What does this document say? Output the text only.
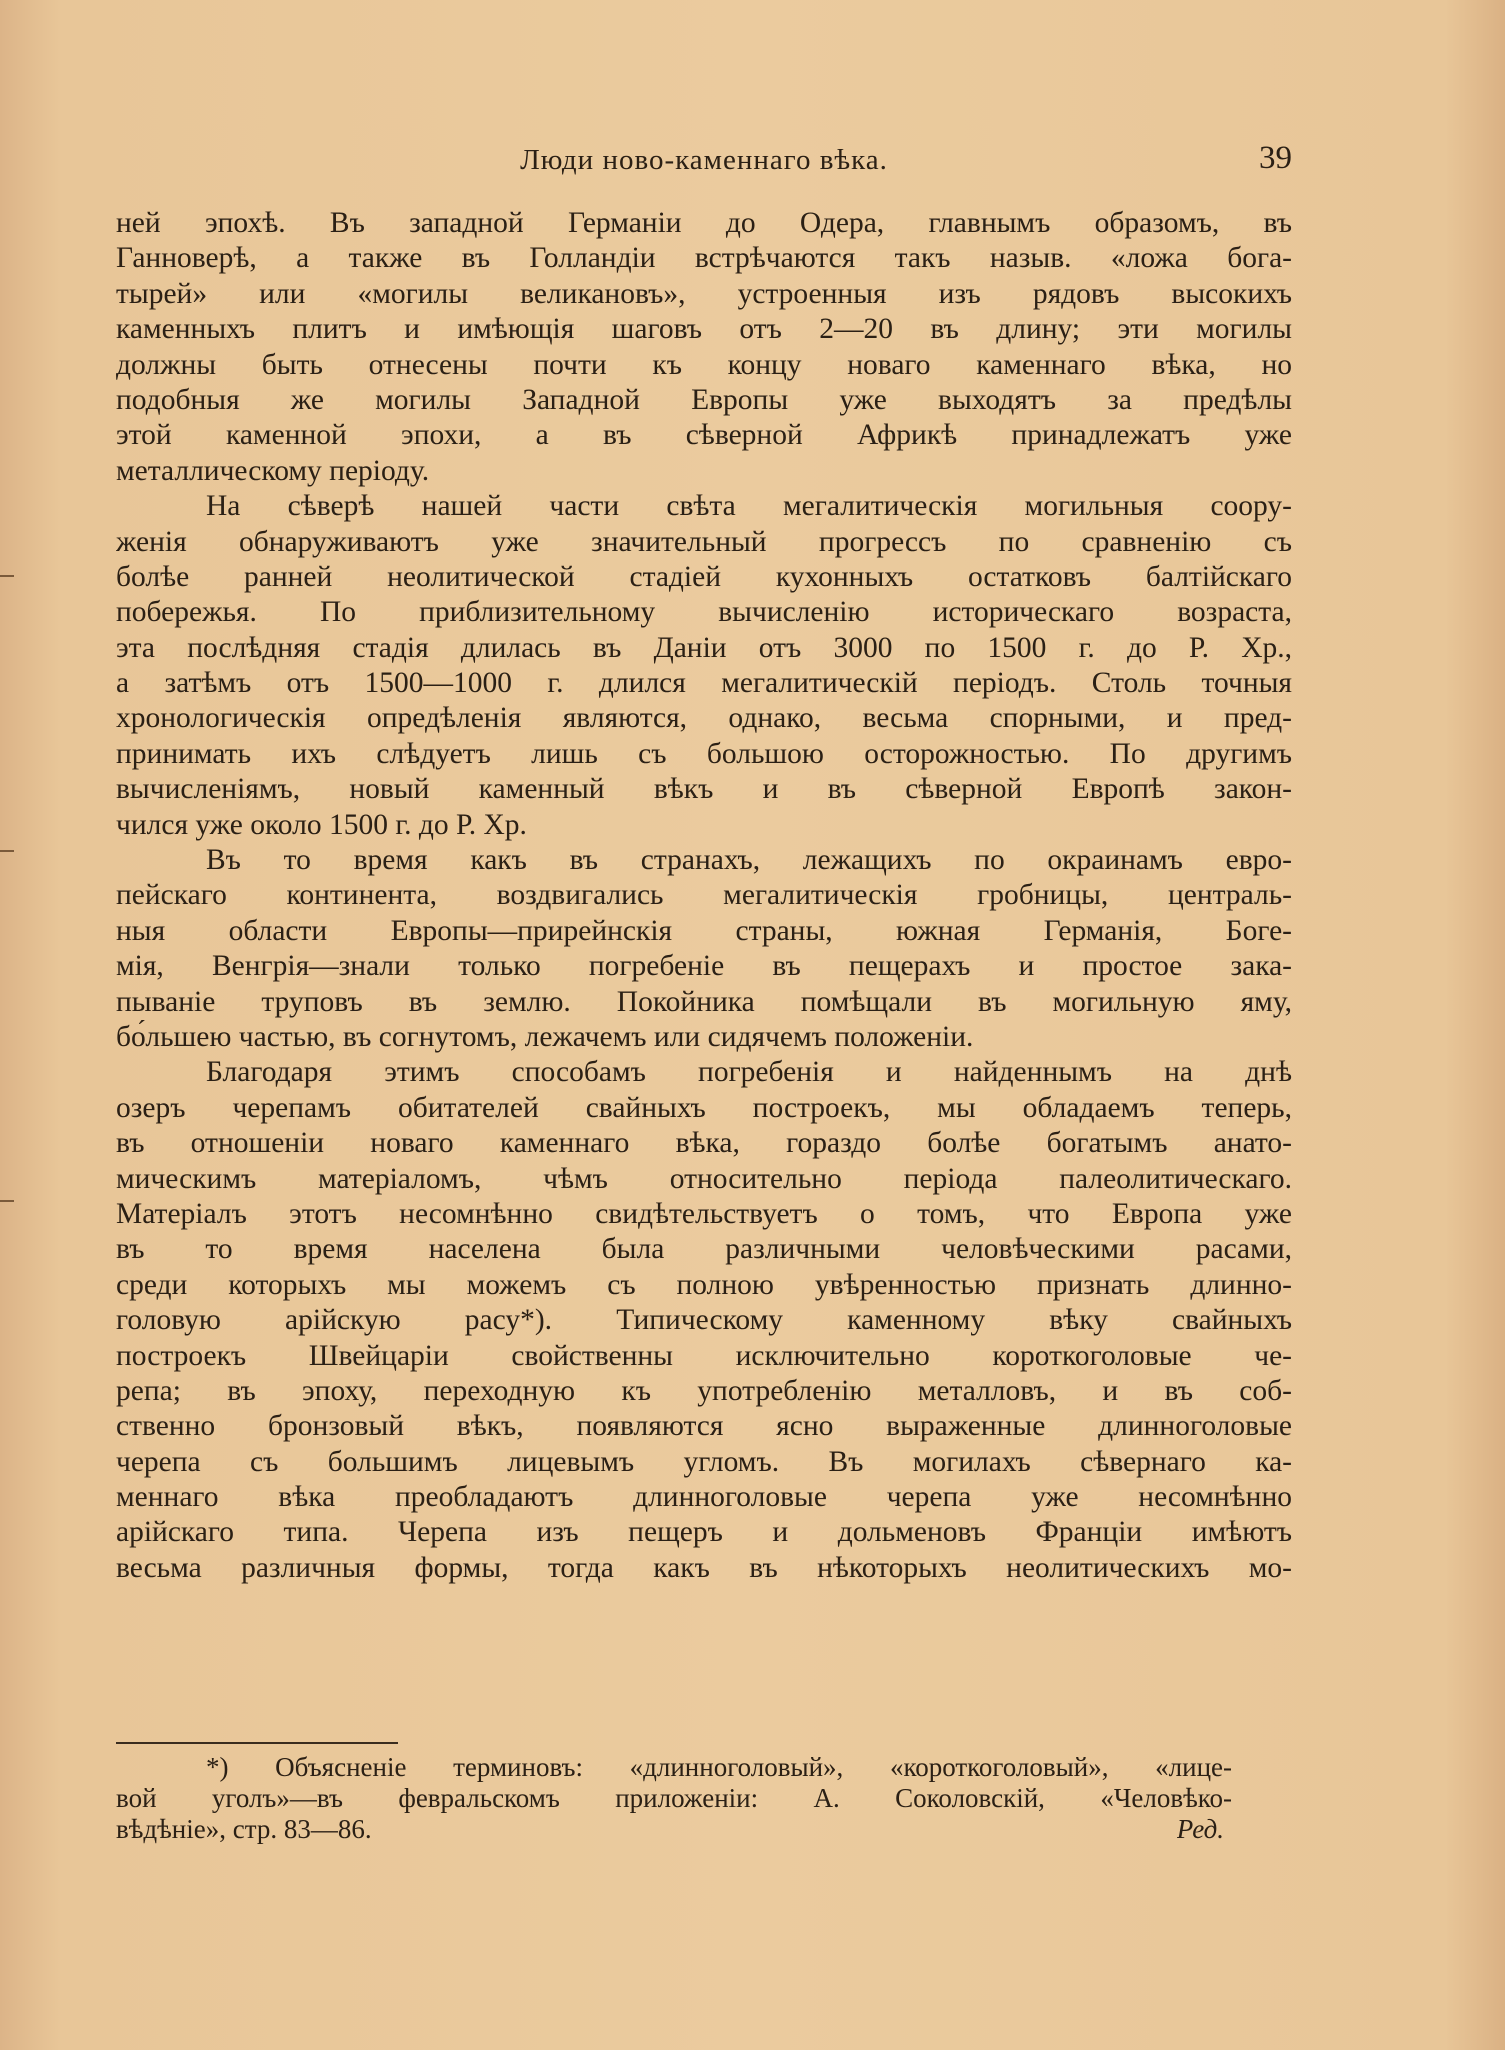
Люди ново-каменнаго вѣка.	39
ней эпохѣ. Въ западной Германіи до Одера, главнымъ образомъ, въ
Ганноверѣ, а также въ Голландіи встрѣчаются такъ назыв. «ложа бога-
тырей» или «могилы великановъ», устроенныя изъ рядовъ высокихъ
каменныхъ плитъ и имѣющія шаговъ отъ 2—20 въ длину; эти могилы
должны быть отнесены почти къ концу новаго каменнаго вѣка, но
подобныя же могилы Западной Европы уже выходятъ за предѣлы
этой каменной эпохи, а въ сѣверной Африкѣ принадлежатъ уже
металлическому періоду.
На сѣверѣ нашей части свѣта мегалитическія могильныя соору-
женія обнаруживаютъ уже значительный прогрессъ по сравненію съ
болѣе ранней неолитической стадіей кухонныхъ остатковъ балтійскаго
побережья. По приблизительному вычисленію историческаго возраста,
эта послѣдняя стадія длилась въ Даніи отъ 3000 по 1500 г. до Р. Хр.,
а затѣмъ отъ 1500—1000 г. длился мегалитическій періодъ. Столь точныя
хронологическія опредѣленія являются, однако, весьма спорными, и пред-
принимать ихъ слѣдуетъ лишь съ большою осторожностью. По другимъ
вычисленіямъ, новый каменный вѣкъ и въ сѣверной Европѣ закон-
чился уже около 1500 г. до Р. Хр.
Въ то время какъ въ странахъ, лежащихъ по окраинамъ евро-
пейскаго континента, воздвигались мегалитическія гробницы, централь-
ныя области Европы—прирейнскія страны, южная Германія, Боге-
мія, Венгрія—знали только погребеніе въ пещерахъ и простое зака-
пываніе труповъ въ землю. Покойника помѣщали въ могильную яму,
бо́льшею частью, въ согнутомъ, лежачемъ или сидячемъ положеніи.
Благодаря этимъ способамъ погребенія и найденнымъ на днѣ
озеръ черепамъ обитателей свайныхъ построекъ, мы обладаемъ теперь,
въ отношеніи новаго каменнаго вѣка, гораздо болѣе богатымъ анато-
мическимъ матеріаломъ, чѣмъ относительно періода палеолитическаго.
Матеріалъ этотъ несомнѣнно свидѣтельствуетъ о томъ, что Европа уже
въ то время населена была различными человѣческими расами,
среди которыхъ мы можемъ съ полною увѣренностью признать длинно-
головую арійскую расу*). Типическому каменному вѣку свайныхъ
построекъ Швейцаріи свойственны исключительно короткоголовые че-
репа; въ эпоху, переходную къ употребленію металловъ, и въ соб-
ственно бронзовый вѣкъ, появляются ясно выраженные длинноголовые
черепа съ большимъ лицевымъ угломъ. Въ могилахъ сѣвернаго ка-
меннаго вѣка преобладаютъ длинноголовые черепа уже несомнѣнно
арійскаго типа. Черепа изъ пещеръ и дольменовъ Франціи имѣютъ
весьма различныя формы, тогда какъ въ нѣкоторыхъ неолитическихъ мо-
*) Объясненіе терминовъ: «длинноголовый», «короткоголовый», «лице-
вой уголъ»—въ февральскомъ приложеніи: А. Соколовскій, «Человѣко-
вѣдѣніе», стр. 83—86.	Ред.
